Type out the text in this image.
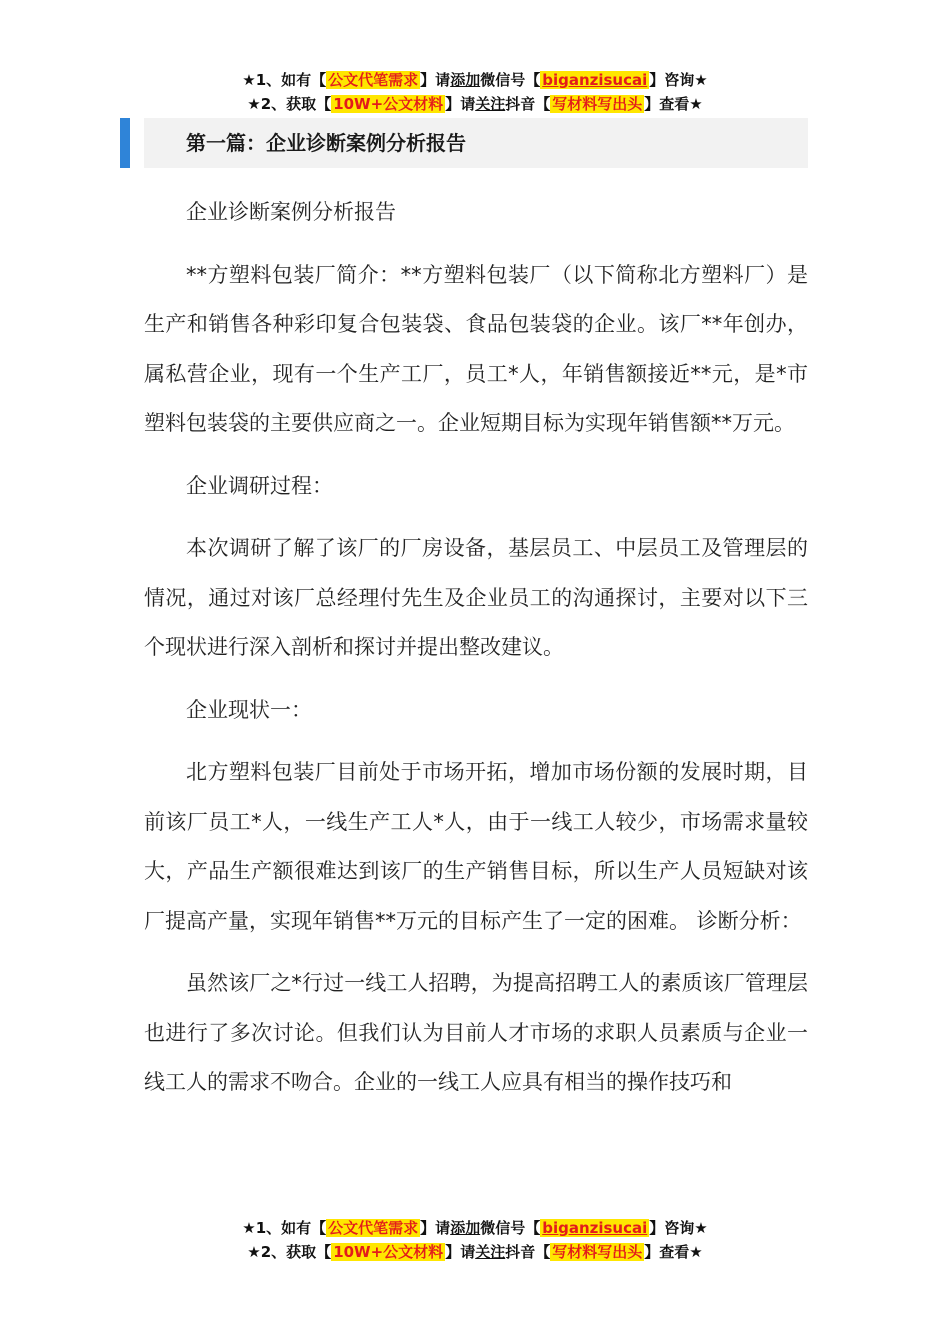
★1、如有【 公文代笔需求 】请添加微信号【 biganzisucai 】咨询★
★2、获取【 10W+公文材料 】请关注抖音【 写材料写出头 】查看★
第一篇：企业诊断案例分析报告

企业诊断案例分析报告

**方塑料包装厂简介：**方塑料包装厂（以下简称北方塑料厂）是生产和销售各种彩印复合包装袋、食品包装袋的企业。该厂**年创办，属私营企业，现有一个生产工厂，员工*人，年销售额接近**元，是*市塑料包装袋的主要供应商之一。企业短期目标为实现年销售额**万元。

企业调研过程：

本次调研了解了该厂的厂房设备，基层员工、中层员工及管理层的情况，通过对该厂总经理付先生及企业员工的沟通探讨，主要对以下三个现状进行深入剖析和探讨并提出整改建议。

企业现状一：

北方塑料包装厂目前处于市场开拓，增加市场份额的发展时期，目前该厂员工*人，一线生产工人*人，由于一线工人较少，市场需求量较大，产品生产额很难达到该厂的生产销售目标，所以生产人员短缺对该厂提高产量，实现年销售**万元的目标产生了一定的困难。 诊断分析：

虽然该厂之*行过一线工人招聘，为提高招聘工人的素质该厂管理层也进行了多次讨论。但我们认为目前人才市场的求职人员素质与企业一线工人的需求不吻合。企业的一线工人应具有相当的操作技巧和

★1、如有【 公文代笔需求 】请添加微信号【 biganzisucai 】咨询★
★2、获取【 10W+公文材料 】请关注抖音【 写材料写出头 】查看★
